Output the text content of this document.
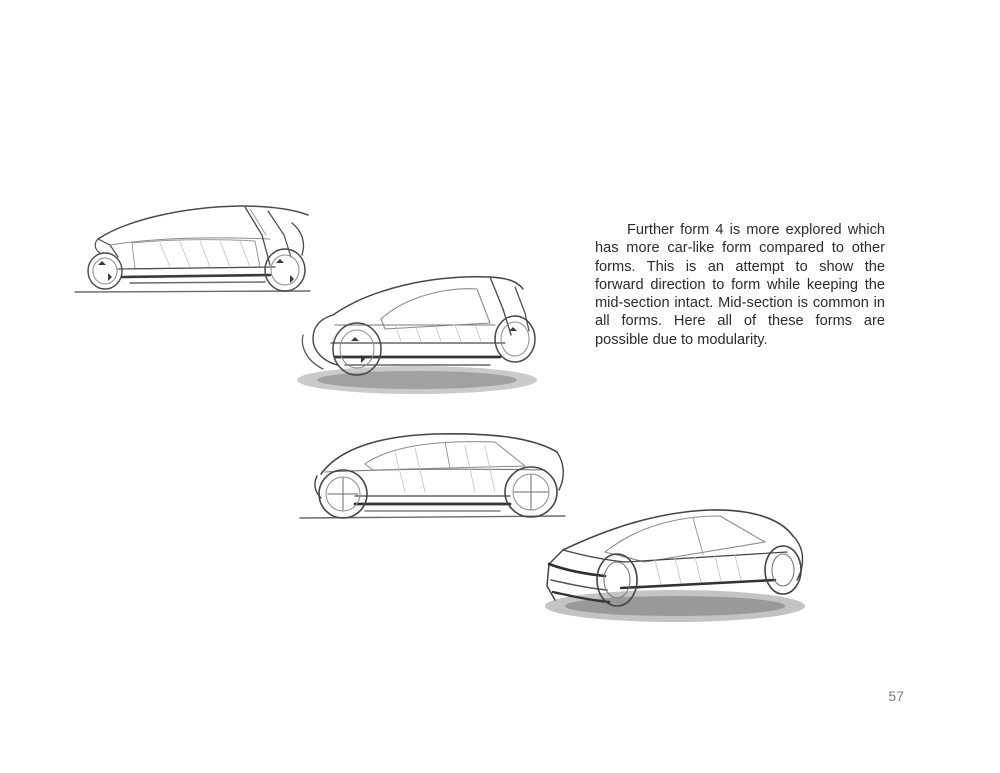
Further form 4 is more explored which has more car-like form compared to other forms. This is an attempt to show the forward direction to form while keeping the mid-section intact. Mid-section is common in all forms. Here all of these forms are possible due to modularity.

57
